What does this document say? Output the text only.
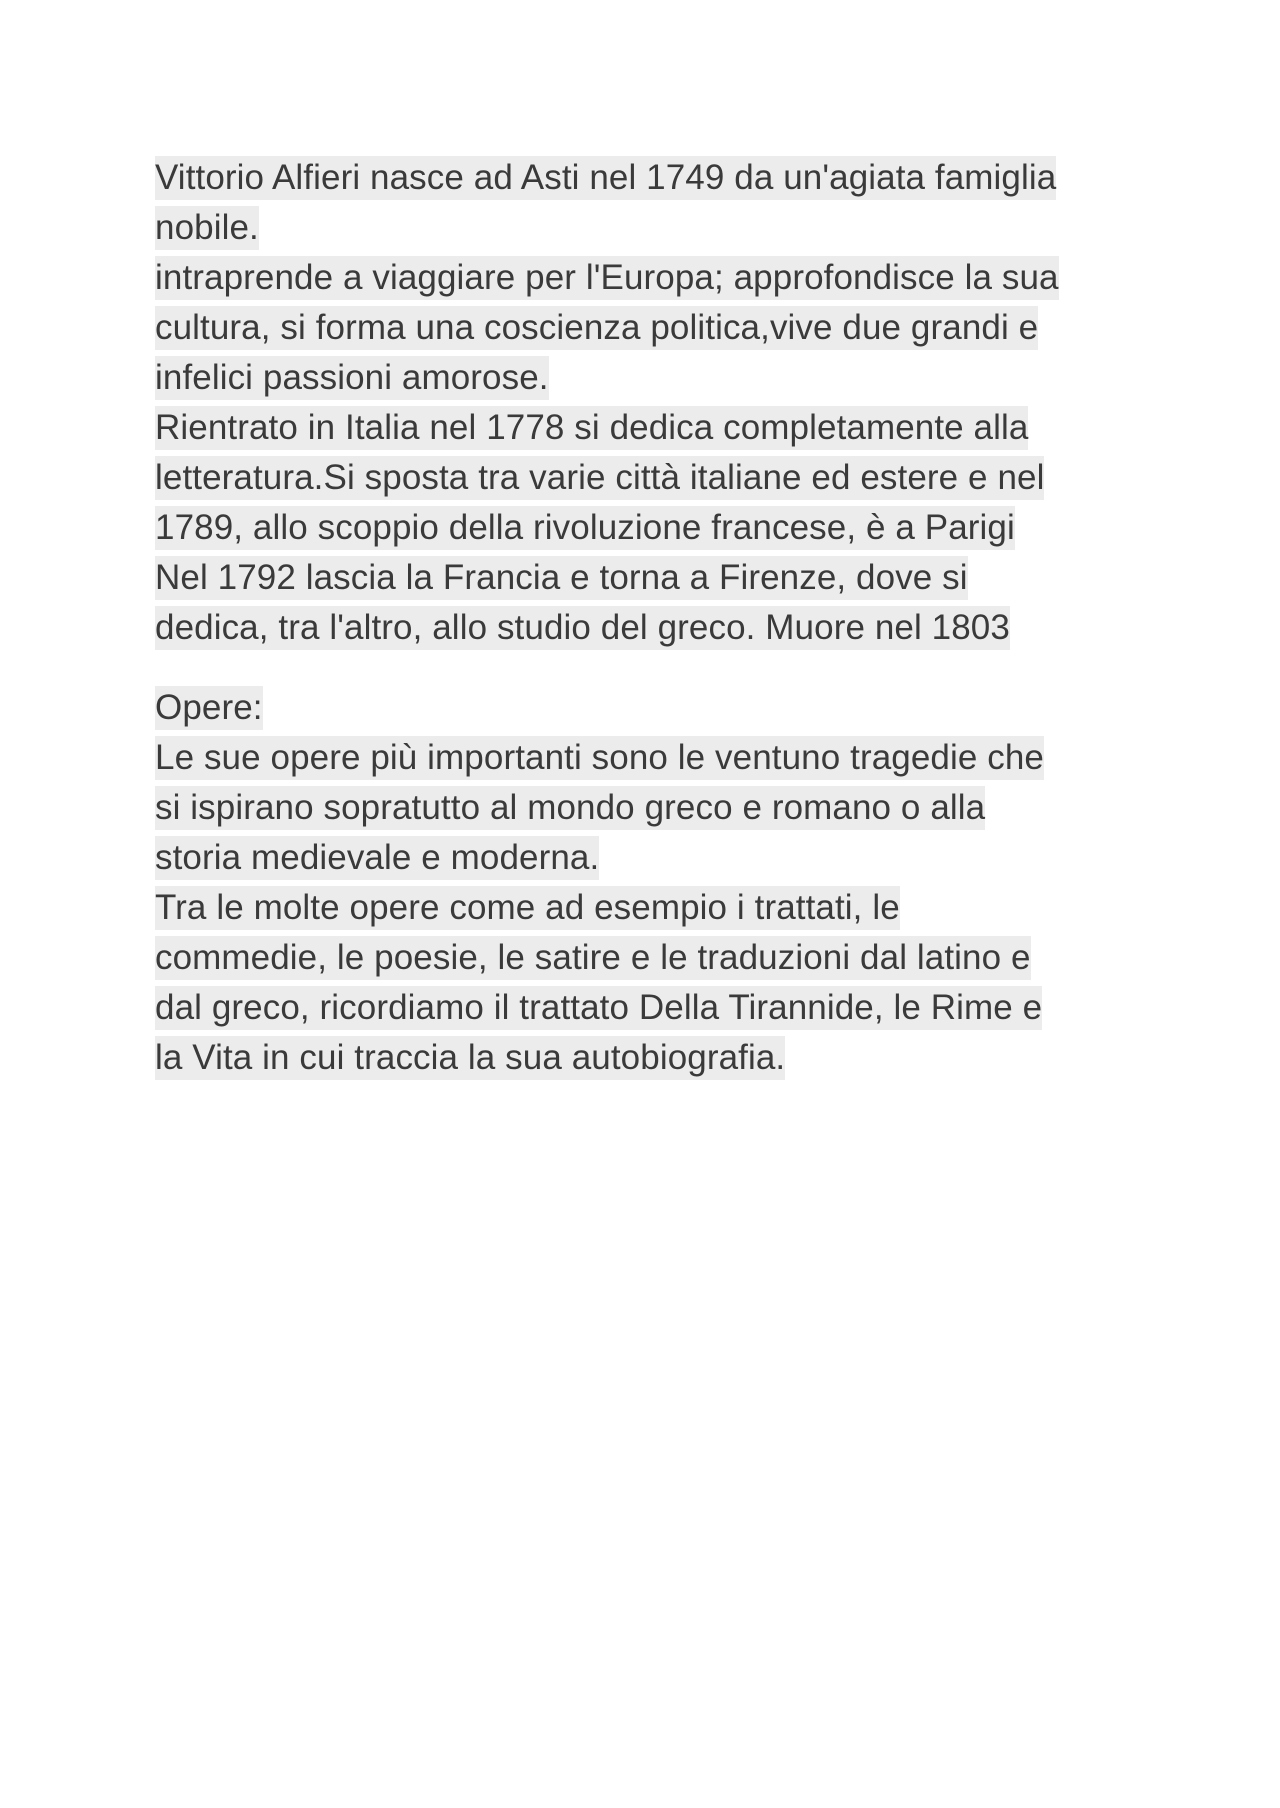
Vittorio Alfieri nasce ad Asti nel 1749 da un'agiata famiglia
nobile.
intraprende a viaggiare per l'Europa; approfondisce la sua
cultura, si forma una coscienza politica,vive due grandi e
infelici passioni amorose.
Rientrato in Italia nel 1778 si dedica completamente alla
letteratura.Si sposta tra varie città italiane ed estere e nel
1789, allo scoppio della rivoluzione francese, è a Parigi
Nel 1792 lascia la Francia e torna a Firenze, dove si
dedica, tra l'altro, allo studio del greco. Muore nel 1803
Opere:
Le sue opere più importanti sono le ventuno tragedie che
si ispirano sopratutto al mondo greco e romano o alla
storia medievale e moderna.
Tra le molte opere come ad esempio i trattati, le
commedie, le poesie, le satire e le traduzioni dal latino e
dal greco, ricordiamo il trattato Della Tirannide, le Rime e
la Vita in cui traccia la sua autobiografia.
